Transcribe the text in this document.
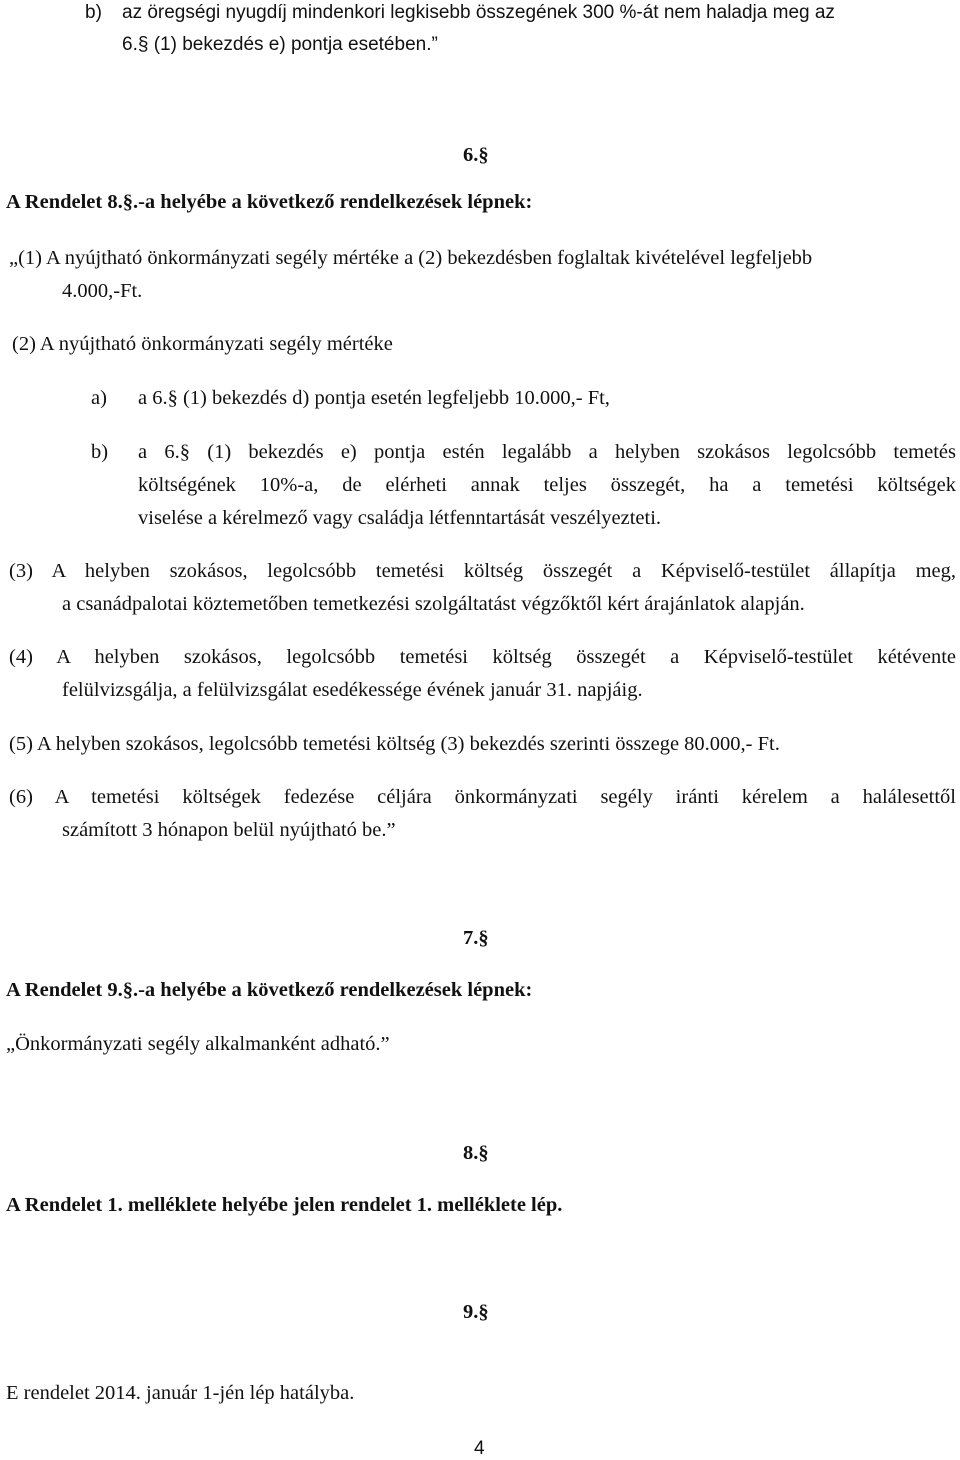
b) az öregségi nyugdíj mindenkori legkisebb összegének 300 %-át nem haladja meg az
6.§ (1) bekezdés e) pontja esetében.”
6.§
A Rendelet 8.§.-a helyébe a következő rendelkezések lépnek:
„(1) A nyújtható önkormányzati segély mértéke a (2) bekezdésben foglaltak kivételével legfeljebb
4.000,-Ft.
(2) A nyújtható önkormányzati segély mértéke
a) a 6.§ (1) bekezdés d) pontja esetén legfeljebb 10.000,- Ft,
b) a 6.§ (1) bekezdés e) pontja estén legalább a helyben szokásos legolcsóbb temetés
költségének 10%-a, de elérheti annak teljes összegét, ha a temetési költségek
viselése a kérelmező vagy családja létfenntartását veszélyezteti.
(3) A helyben szokásos, legolcsóbb temetési költség összegét a Képviselő-testület állapítja meg,
a csanádpalotai köztemetőben temetkezési szolgáltatást végzőktől kért árajánlatok alapján.
(4) A helyben szokásos, legolcsóbb temetési költség összegét a Képviselő-testület kétévente
felülvizsgálja, a felülvizsgálat esedékessége évének január 31. napjáig.
(5) A helyben szokásos, legolcsóbb temetési költség (3) bekezdés szerinti összege 80.000,- Ft.
(6) A temetési költségek fedezése céljára önkormányzati segély iránti kérelem a halálesettől
számított 3 hónapon belül nyújtható be.”
7.§
A Rendelet 9.§.-a helyébe a következő rendelkezések lépnek:
„Önkormányzati segély alkalmanként adható.”
8.§
A Rendelet 1. melléklete helyébe jelen rendelet 1. melléklete lép.
9.§
E rendelet 2014. január 1-jén lép hatályba.
4
